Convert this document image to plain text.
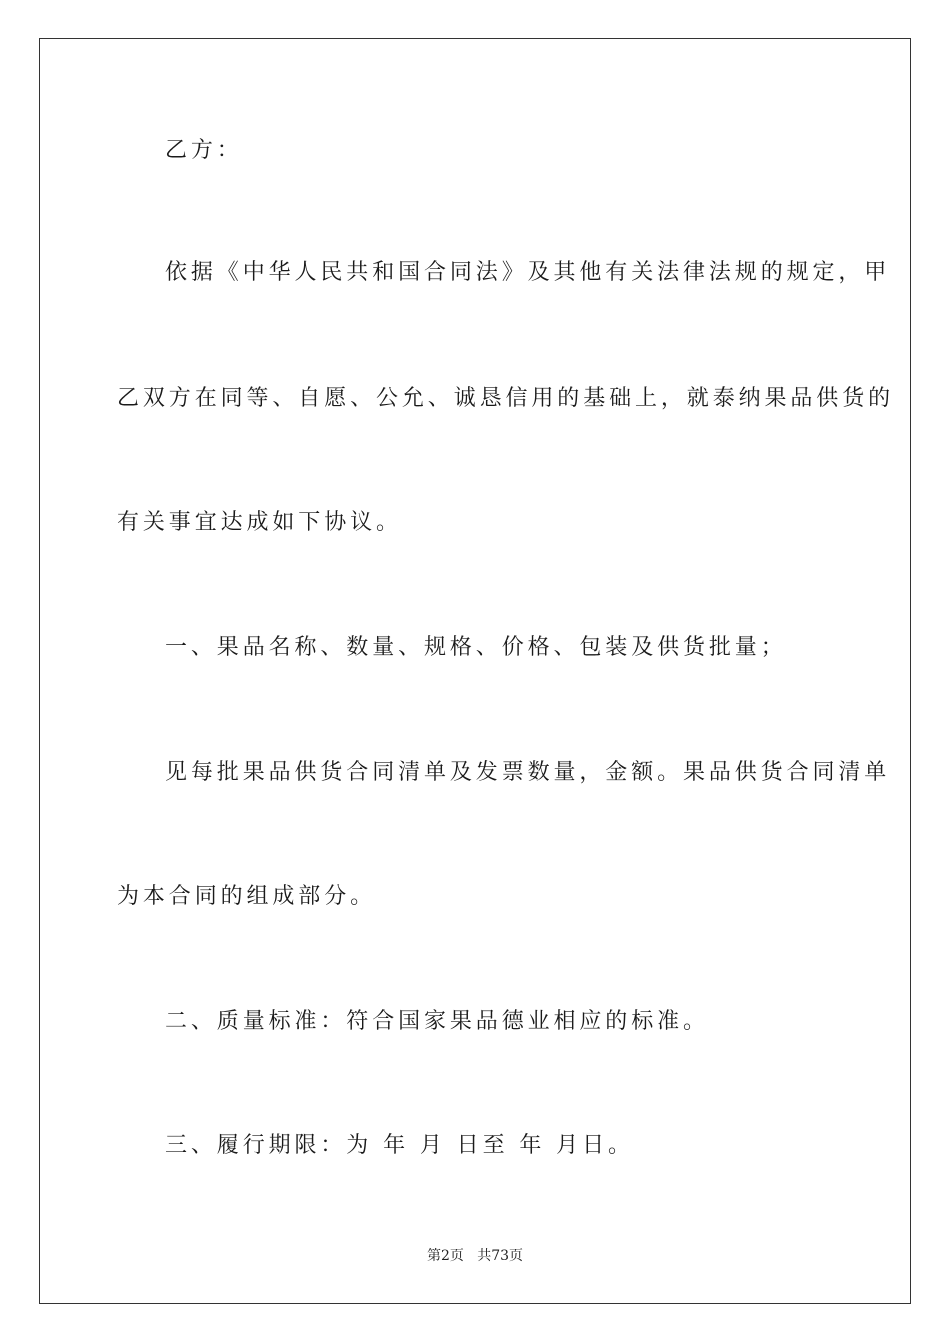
乙方：
依据《中华人民共和国合同法》及其他有关法律法规的规定，甲
乙双方在同等、自愿、公允、诚恳信用的基础上，就泰纳果品供货的
有关事宜达成如下协议。
一、果品名称、数量、规格、价格、包装及供货批量；
见每批果品供货合同清单及发票数量，金额。果品供货合同清单
为本合同的组成部分。
二、质量标准：符合国家果品德业相应的标准。
三、履行期限：为 年 月 日至 年 月日。
第2页   共73页
